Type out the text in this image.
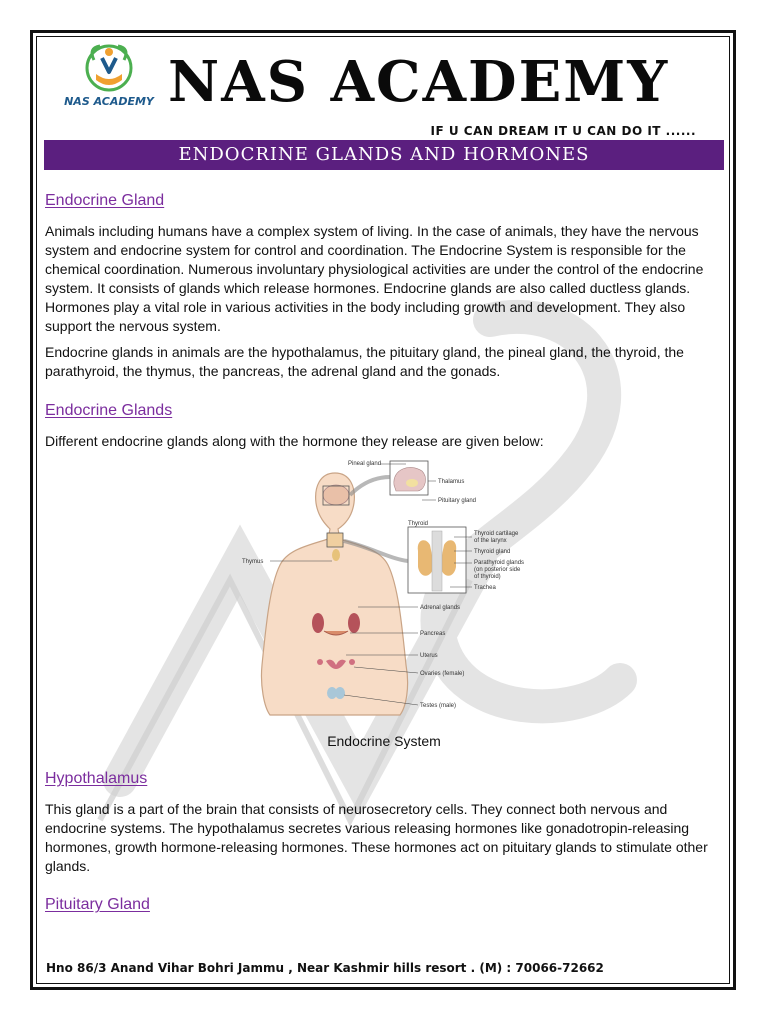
NAS ACADEMY NAS ACADEMY
IF U CAN DREAM IT U CAN DO IT ......
ENDOCRINE GLANDS AND HORMONES
Endocrine Gland

Animals including humans have a complex system of living. In the case of animals, they have the nervous system and endocrine system for control and coordination. The Endocrine System is responsible for the chemical coordination. Numerous involuntary physiological activities are under the control of the endocrine system. It consists of glands which release hormones. Endocrine glands are also called ductless glands. Hormones play a vital role in various activities in the body including growth and development. They also support the nervous system.

Endocrine glands in animals are the hypothalamus, the pituitary gland, the pineal gland, the thyroid, the parathyroid, the thymus, the pancreas, the adrenal gland and the gonads.

Endocrine Glands

Different endocrine glands along with the hormone they release are given below:

Pineal gland
Thalamus
Pituitary gland
Thyroid
Thyroid cartilage
of the larynx
Thyroid gland
Parathyroid glands
(on posterior side
of thyroid)
Trachea
Thymus
Adrenal glands
Pancreas
Uterus
Ovaries (female)
Testes (male)
Endocrine System
Hypothalamus

This gland is a part of the brain that consists of neurosecretory cells. They connect both nervous and endocrine systems. The hypothalamus secretes various releasing hormones like gonadotropin-releasing hormones, growth hormone-releasing hormones. These hormones act on pituitary glands to stimulate other glands.

Pituitary Gland
Hno 86/3 Anand Vihar Bohri Jammu , Near Kashmir hills resort . (M) : 70066-72662
